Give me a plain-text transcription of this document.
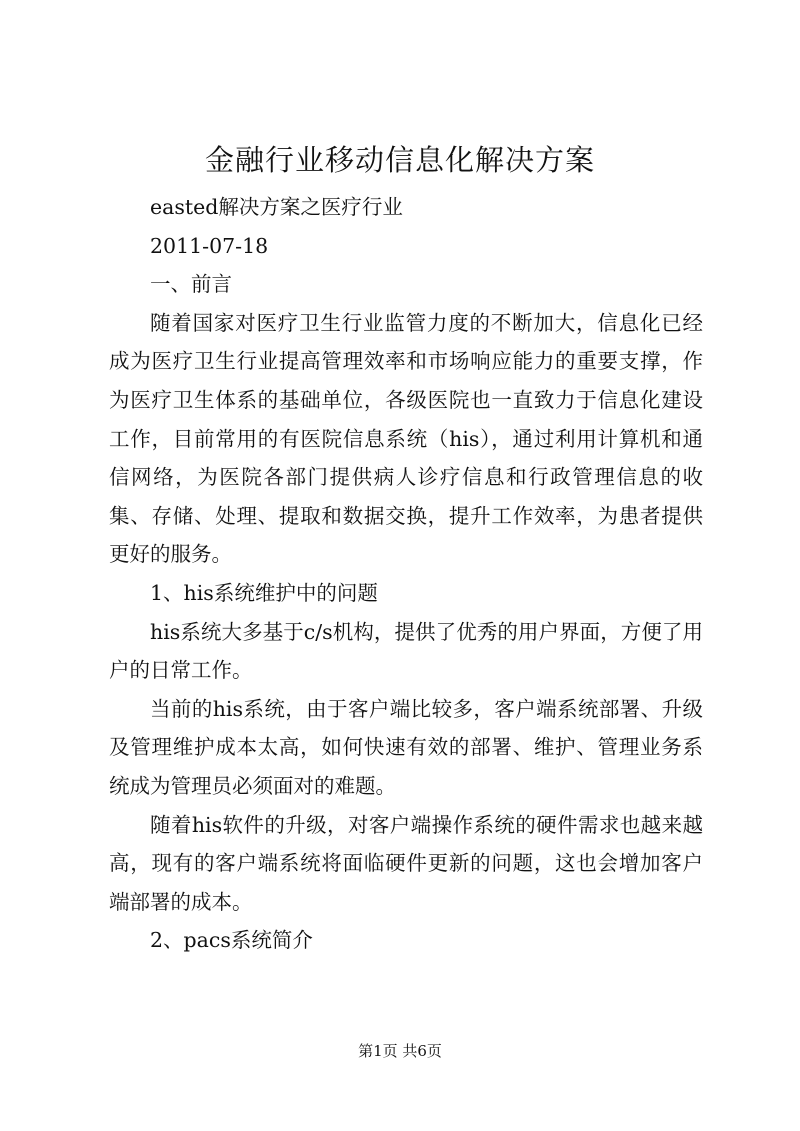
金融行业移动信息化解决方案

easted解决方案之医疗行业

2011-07-18

一、前言

随着国家对医疗卫生行业监管力度的不断加大，信息化已经成为医疗卫生行业提高管理效率和市场响应能力的重要支撑，作为医疗卫生体系的基础单位，各级医院也一直致力于信息化建设工作，目前常用的有医院信息系统（his），通过利用计算机和通信网络，为医院各部门提供病人诊疗信息和行政管理信息的收集、存储、处理、提取和数据交换，提升工作效率，为患者提供更好的服务。

1、his系统维护中的问题

his系统大多基于c/s机构，提供了优秀的用户界面，方便了用户的日常工作。

当前的his系统，由于客户端比较多，客户端系统部署、升级及管理维护成本太高，如何快速有效的部署、维护、管理业务系统成为管理员必须面对的难题。

随着his软件的升级，对客户端操作系统的硬件需求也越来越高，现有的客户端系统将面临硬件更新的问题，这也会增加客户端部署的成本。

2、pacs系统简介

第1页 共6页
